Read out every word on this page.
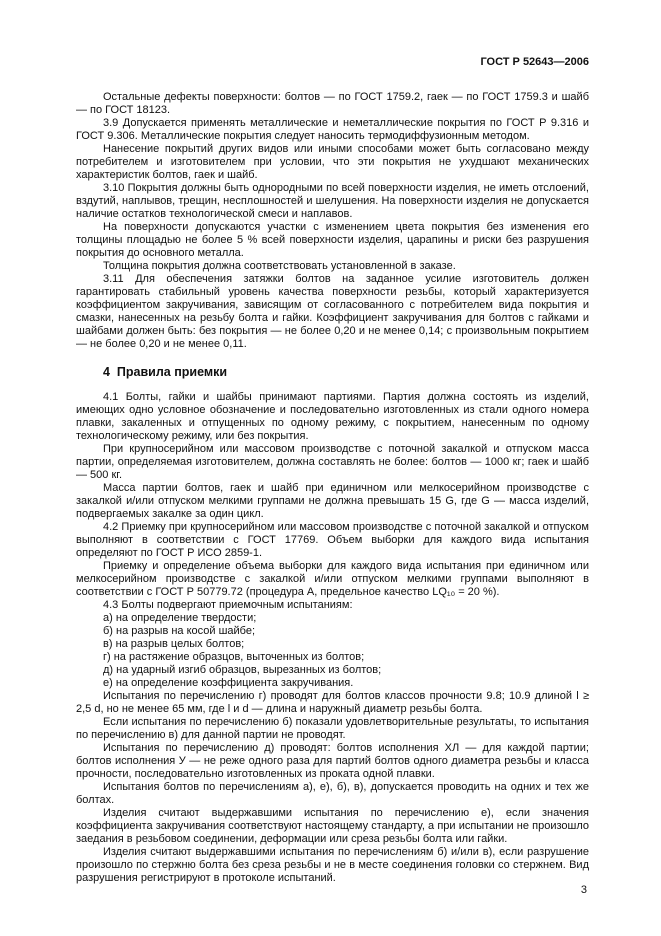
ГОСТ Р 52643—2006

Остальные дефекты поверхности: болтов — по ГОСТ 1759.2, гаек — по ГОСТ 1759.3 и шайб — по ГОСТ 18123.

3.9 Допускается применять металлические и неметаллические покрытия по ГОСТ Р 9.316 и ГОСТ 9.306. Металлические покрытия следует наносить термодиффузионным методом.

Нанесение покрытий других видов или иными способами может быть согласовано между потребителем и изготовителем при условии, что эти покрытия не ухудшают механических характеристик болтов, гаек и шайб.

3.10 Покрытия должны быть однородными по всей поверхности изделия, не иметь отслоений, вздутий, наплывов, трещин, несплошностей и шелушения. На поверхности изделия не допускается наличие остатков технологической смеси и наплавов.

На поверхности допускаются участки с изменением цвета покрытия без изменения его толщины площадью не более 5 % всей поверхности изделия, царапины и риски без разрушения покрытия до основного металла.

Толщина покрытия должна соответствовать установленной в заказе.

3.11 Для обеспечения затяжки болтов на заданное усилие изготовитель должен гарантировать стабильный уровень качества поверхности резьбы, который характеризуется коэффициентом закручивания, зависящим от согласованного с потребителем вида покрытия и смазки, нанесенных на резьбу болта и гайки. Коэффициент закручивания для болтов с гайками и шайбами должен быть: без покрытия — не более 0,20 и не менее 0,14; с произвольным покрытием — не более 0,20 и не менее 0,11.

4  Правила приемки

4.1 Болты, гайки и шайбы принимают партиями. Партия должна состоять из изделий, имеющих одно условное обозначение и последовательно изготовленных из стали одного номера плавки, закаленных и отпущенных по одному режиму, с покрытием, нанесенным по одному технологическому режиму, или без покрытия.

При крупносерийном или массовом производстве с поточной закалкой и отпуском масса партии, определяемая изготовителем, должна составлять не более: болтов — 1000 кг; гаек и шайб — 500 кг.

Масса партии болтов, гаек и шайб при единичном или мелкосерийном производстве с закалкой и/или отпуском мелкими группами не должна превышать 15 G, где G — масса изделий, подвергаемых закалке за один цикл.

4.2 Приемку при крупносерийном или массовом производстве с поточной закалкой и отпуском выполняют в соответствии с ГОСТ 17769. Объем выборки для каждого вида испытания определяют по ГОСТ Р ИСО 2859-1.

Приемку и определение объема выборки для каждого вида испытания при единичном или мелкосерийном производстве с закалкой и/или отпуском мелкими группами выполняют в соответствии с ГОСТ Р 50779.72 (процедура А, предельное качество LQ₁₀ = 20 %).

4.3 Болты подвергают приемочным испытаниям:

а) на определение твердости;

б) на разрыв на косой шайбе;

в) на разрыв целых болтов;

г) на растяжение образцов, выточенных из болтов;

д) на ударный изгиб образцов, вырезанных из болтов;

е) на определение коэффициента закручивания.

Испытания по перечислению г) проводят для болтов классов прочности 9.8; 10.9 длиной l ≥ 2,5 d, но не менее 65 мм, где l и d — длина и наружный диаметр резьбы болта.

Если испытания по перечислению б) показали удовлетворительные результаты, то испытания по перечислению в) для данной партии не проводят.

Испытания по перечислению д) проводят: болтов исполнения ХЛ — для каждой партии; болтов исполнения У — не реже одного раза для партий болтов одного диаметра резьбы и класса прочности, последовательно изготовленных из проката одной плавки.

Испытания болтов по перечислениям а), е), б), в), допускается проводить на одних и тех же болтах.

Изделия считают выдержавшими испытания по перечислению е), если значения коэффициента закручивания соответствуют настоящему стандарту, а при испытании не произошло заедания в резьбовом соединении, деформации или среза резьбы болта или гайки.

Изделия считают выдержавшими испытания по перечислениям б) и/или в), если разрушение произошло по стержню болта без среза резьбы и не в месте соединения головки со стержнем. Вид разрушения регистрируют в протоколе испытаний.

3
